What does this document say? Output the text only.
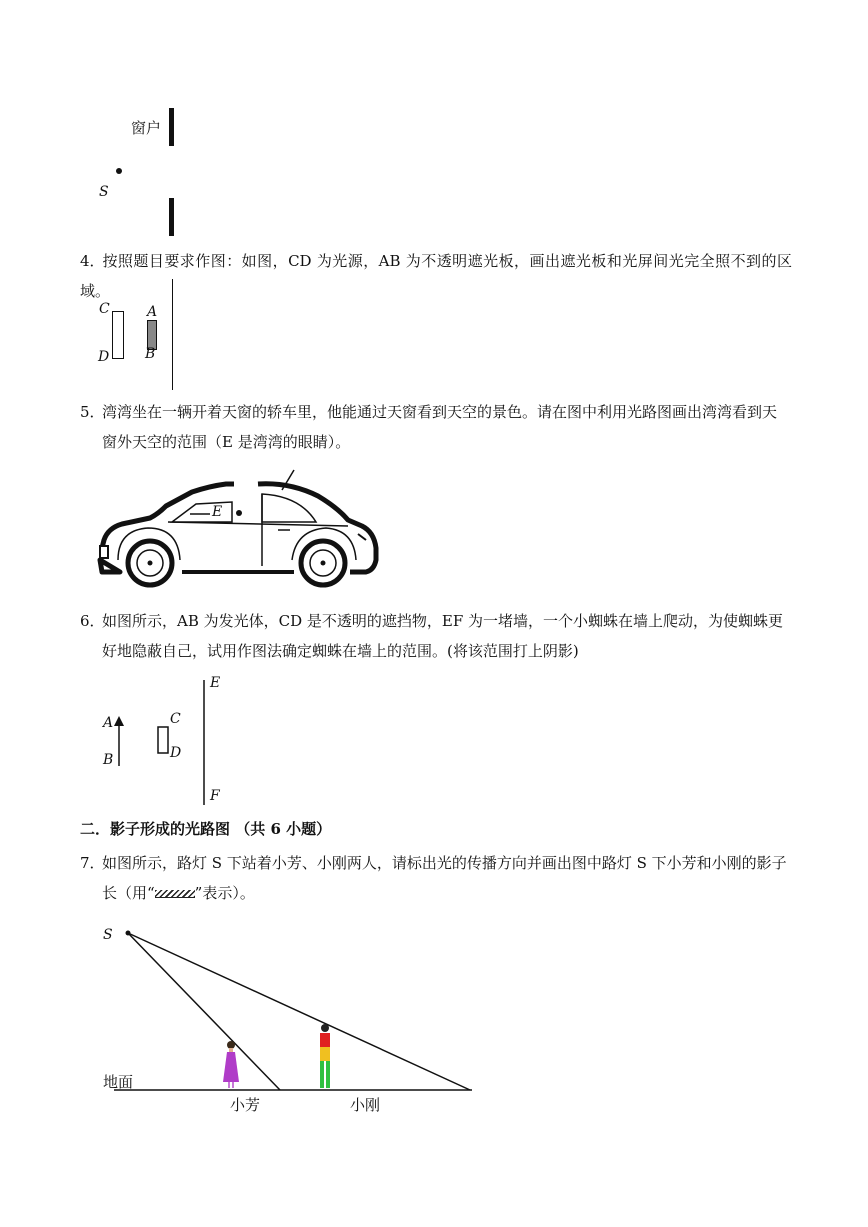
窗户
S
4．按照题目要求作图：如图，CD 为光源，AB 为不透明遮光板，画出遮光板和光屏间光完全照不到的区域。
C
D
A
B
5．湾湾坐在一辆开着天窗的轿车里，他能通过天窗看到天空的景色。请在图中利用光路图画出湾湾看到天
窗外天空的范围（E 是湾湾的眼睛）。
E
6．如图所示，AB 为发光体，CD 是不透明的遮挡物，EF 为一堵墙，一个小蜘蛛在墙上爬动，为使蜘蛛更
好地隐蔽自己，试用作图法确定蜘蛛在墙上的范围。(将该范围打上阴影)
A
B
C
D
E
F
二．影子形成的光路图 （共 6 小题）
7．如图所示，路灯 S 下站着小芳、小刚两人，请标出光的传播方向并画出图中路灯 S 下小芳和小刚的影子
长（用“	”表示）。
S
地面
小芳	小刚
